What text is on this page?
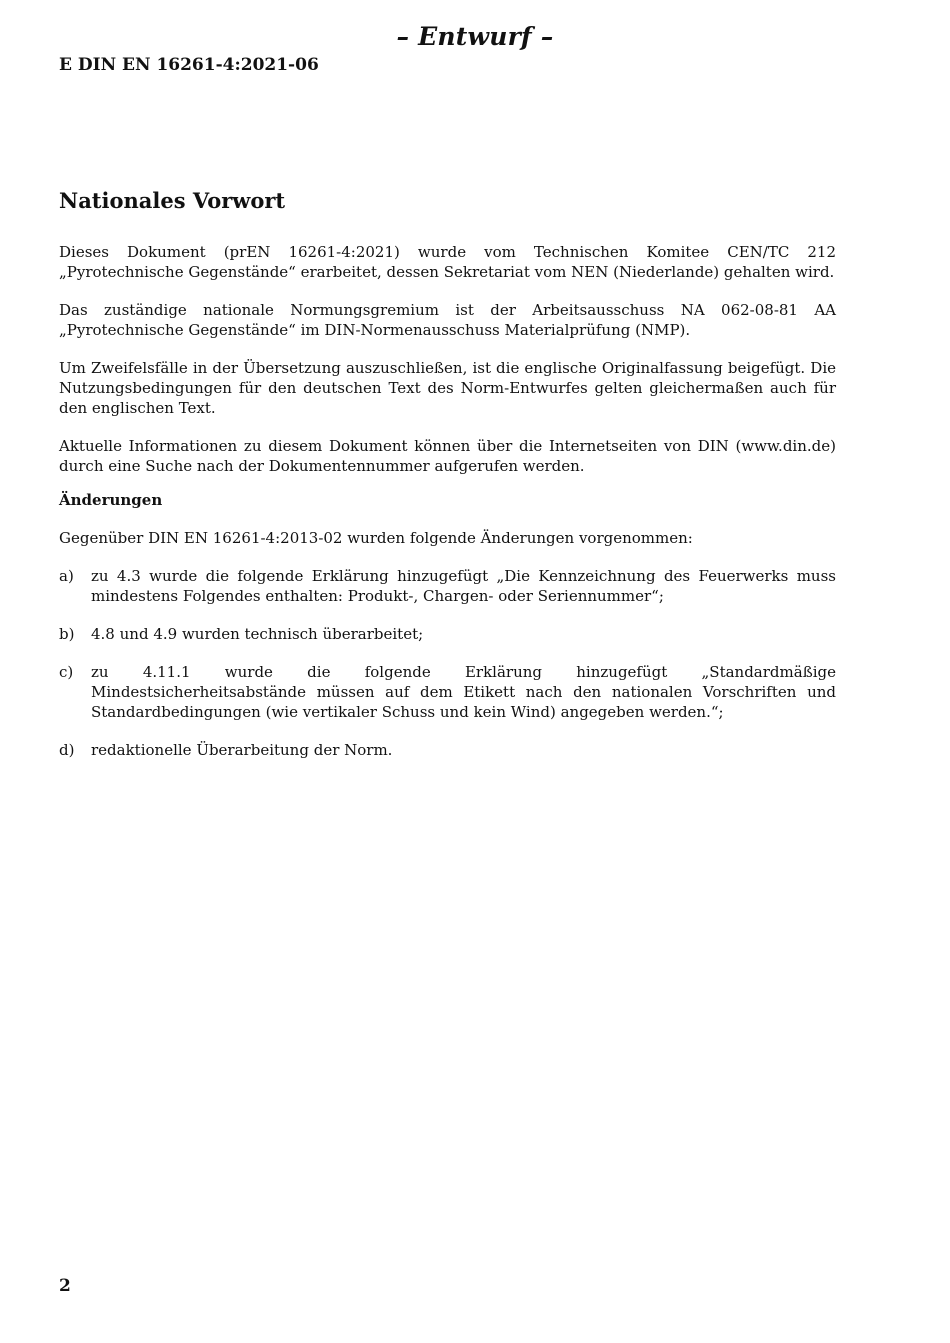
– Entwurf –
E DIN EN 16261-4:2021-06
Nationales Vorwort

Dieses Dokument (prEN 16261-4:2021) wurde vom Technischen Komitee CEN/TC 212 „Pyrotechnische Gegenstände“ erarbeitet, dessen Sekretariat vom NEN (Niederlande) gehalten wird.

Das zuständige nationale Normungsgremium ist der Arbeitsausschuss NA 062-08-81 AA „Pyrotechnische Gegenstände“ im DIN-Normenausschuss Materialprüfung (NMP).

Um Zweifelsfälle in der Übersetzung auszuschließen, ist die englische Originalfassung beigefügt. Die Nutzungsbedingungen für den deutschen Text des Norm-Entwurfes gelten gleichermaßen auch für den englischen Text.

Aktuelle Informationen zu diesem Dokument können über die Internetseiten von DIN (www.din.de) durch eine Suche nach der Dokumentennummer aufgerufen werden.

Änderungen

Gegenüber DIN EN 16261-4:2013-02 wurden folgende Änderungen vorgenommen:

a)	zu 4.3 wurde die folgende Erklärung hinzugefügt „Die Kennzeichnung des Feuerwerks muss mindestens Folgendes enthalten: Produkt-, Chargen- oder Seriennummer“;
b)	4.8 und 4.9 wurden technisch überarbeitet;
c)	zu 4.11.1 wurde die folgende Erklärung hinzugefügt „Standardmäßige Mindestsicherheitsabstände müssen auf dem Etikett nach den nationalen Vorschriften und Standardbedingungen (wie vertikaler Schuss und kein Wind) angegeben werden.“;
d)	redaktionelle Überarbeitung der Norm.
2
